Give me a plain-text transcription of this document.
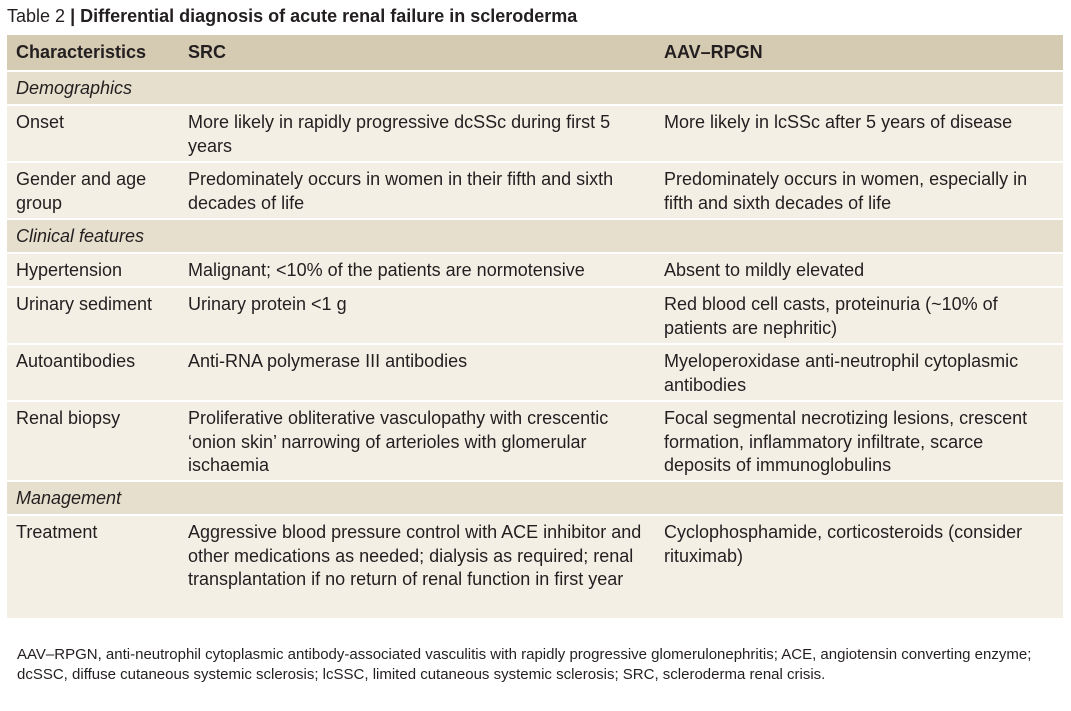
Table 2 | Differential diagnosis of acute renal failure in scleroderma
Characteristics	SRC	AAV–RPGN
Demographics		
Onset	More likely in rapidly progressive dcSSc during first 5 years	More likely in lcSSc after 5 years of disease
Gender and age group	Predominately occurs in women in their fifth and sixth decades of life	Predominately occurs in women, especially in fifth and sixth decades of life
Clinical features		
Hypertension	Malignant; <10% of the patients are normotensive	Absent to mildly elevated
Urinary sediment	Urinary protein <1 g	Red blood cell casts, proteinuria (~10% of patients are nephritic)
Autoantibodies	Anti-RNA polymerase III antibodies	Myeloperoxidase anti-neutrophil cytoplasmic antibodies
Renal biopsy	Proliferative obliterative vasculopathy with crescentic ‘onion skin’ narrowing of arterioles with glomerular ischaemia	Focal segmental necrotizing lesions, crescent formation, inflammatory infiltrate, scarce deposits of immunoglobulins
Management		
Treatment	Aggressive blood pressure control with ACE inhibitor and other medications as needed; dialysis as required; renal transplantation if no return of renal function in first year	Cyclophosphamide, corticosteroids (consider rituximab)
AAV–RPGN, anti-neutrophil cytoplasmic antibody-associated vasculitis with rapidly progressive glomerulonephritis; ACE, angiotensin converting enzyme; dcSSC, diffuse cutaneous systemic sclerosis; lcSSC, limited cutaneous systemic sclerosis; SRC, scleroderma renal crisis.
